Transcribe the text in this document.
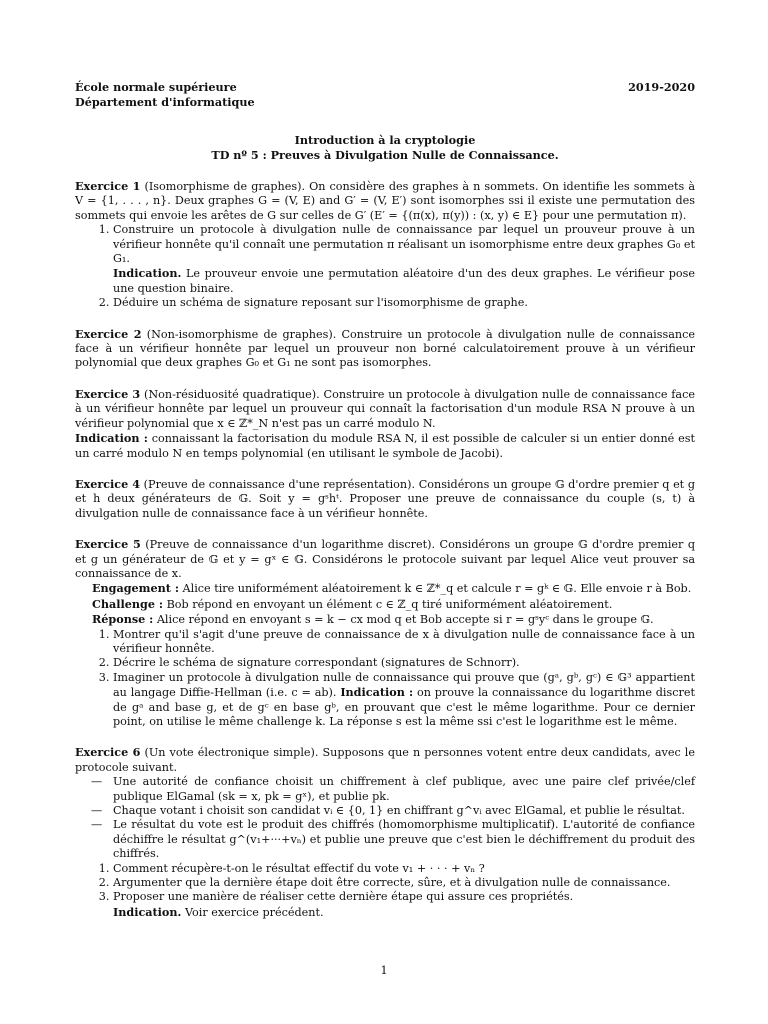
École normale supérieure
Département d'informatique
2019-2020
Introduction à la cryptologie
TD nº 5 : Preuves à Divulgation Nulle de Connaissance.
Exercice 1 (Isomorphisme de graphes). On considère des graphes à n sommets. On identifie les sommets à V = {1, . . . , n}. Deux graphes G = (V, E) and G′ = (V, E′) sont isomorphes ssi il existe une permutation des sommets qui envoie les arêtes de G sur celles de G′ (E′ = {(π(x), π(y)) : (x, y) ∈ E} pour une permutation π).
1. Construire un protocole à divulgation nulle de connaissance par lequel un prouveur prouve à un vérifieur honnête qu'il connaît une permutation π réalisant un isomorphisme entre deux graphes G₀ et G₁.
Indication. Le prouveur envoie une permutation aléatoire d'un des deux graphes. Le vérifieur pose une question binaire.
2. Déduire un schéma de signature reposant sur l'isomorphisme de graphe.
Exercice 2 (Non-isomorphisme de graphes). Construire un protocole à divulgation nulle de connaissance face à un vérifieur honnête par lequel un prouveur non borné calculatoirement prouve à un vérifieur polynomial que deux graphes G₀ et G₁ ne sont pas isomorphes.
Exercice 3 (Non-résiduosité quadratique). Construire un protocole à divulgation nulle de connaissance face à un vérifieur honnête par lequel un prouveur qui connaît la factorisation d'un module RSA N prouve à un vérifieur polynomial que x ∈ ℤ*_N n'est pas un carré modulo N.
Indication : connaissant la factorisation du module RSA N, il est possible de calculer si un entier donné est un carré modulo N en temps polynomial (en utilisant le symbole de Jacobi).
Exercice 4 (Preuve de connaissance d'une représentation). Considérons un groupe 𝔾 d'ordre premier q et g et h deux générateurs de 𝔾. Soit y = gˢhᵗ. Proposer une preuve de connaissance du couple (s, t) à divulgation nulle de connaissance face à un vérifieur honnête.
Exercice 5 (Preuve de connaissance d'un logarithme discret). Considérons un groupe 𝔾 d'ordre premier q et g un générateur de 𝔾 et y = gˣ ∈ 𝔾. Considérons le protocole suivant par lequel Alice veut prouver sa connaissance de x.
Engagement : Alice tire uniformément aléatoirement k ∈ ℤ*_q et calcule r = gᵏ ∈ 𝔾. Elle envoie r à Bob.
Challenge : Bob répond en envoyant un élément c ∈ ℤ_q tiré uniformément aléatoirement.
Réponse : Alice répond en envoyant s = k − cx mod q et Bob accepte si r = gˢyᶜ dans le groupe 𝔾.
1. Montrer qu'il s'agit d'une preuve de connaissance de x à divulgation nulle de connaissance face à un vérifieur honnête.
2. Décrire le schéma de signature correspondant (signatures de Schnorr).
3. Imaginer un protocole à divulgation nulle de connaissance qui prouve que (gᵃ, gᵇ, gᶜ) ∈ 𝔾³ appartient au langage Diffie-Hellman (i.e. c = ab). Indication : on prouve la connaissance du logarithme discret de gᵃ and base g, et de gᶜ en base gᵇ, en prouvant que c'est le même logarithme. Pour ce dernier point, on utilise le même challenge k. La réponse s est la même ssi c'est le logarithme est le même.
Exercice 6 (Un vote électronique simple). Supposons que n personnes votent entre deux candidats, avec le protocole suivant.
— Une autorité de confiance choisit un chiffrement à clef publique, avec une paire clef privée/clef publique ElGamal (sk = x, pk = gˣ), et publie pk.
— Chaque votant i choisit son candidat vᵢ ∈ {0, 1} en chiffrant g^vᵢ avec ElGamal, et publie le résultat.
— Le résultat du vote est le produit des chiffrés (homomorphisme multiplicatif). L'autorité de confiance déchiffre le résultat g^(v₁+···+vₙ) et publie une preuve que c'est bien le déchiffrement du produit des chiffrés.
1. Comment récupère-t-on le résultat effectif du vote v₁ + · · · + vₙ ?
2. Argumenter que la dernière étape doit être correcte, sûre, et à divulgation nulle de connaissance.
3. Proposer une manière de réaliser cette dernière étape qui assure ces propriétés.
Indication. Voir exercice précédent.
1
